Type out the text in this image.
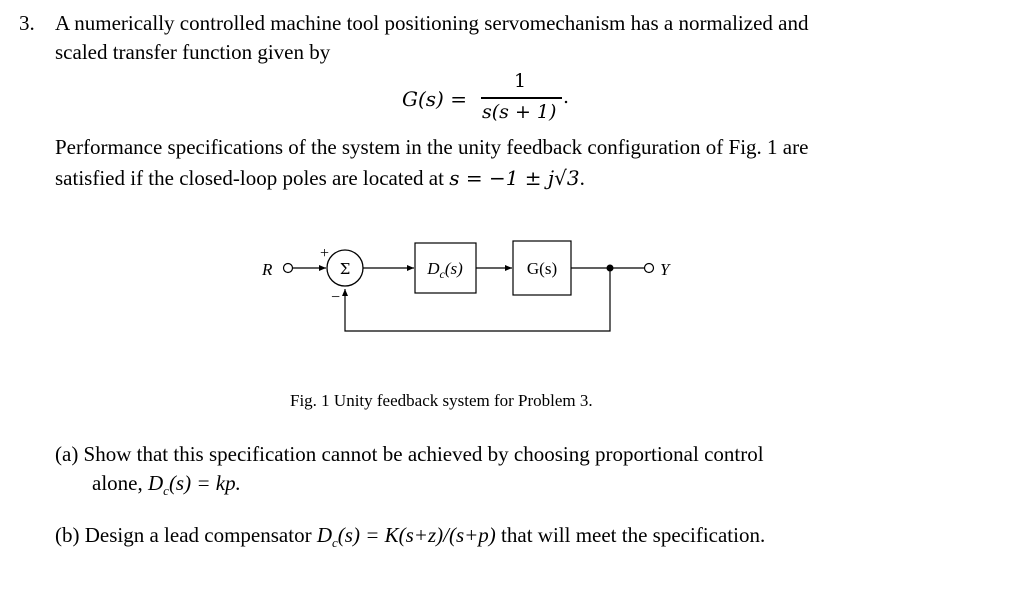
3. A numerically controlled machine tool positioning servomechanism has a normalized and
scaled transfer function given by
G(s) =
1
s(s + 1)
.
Performance specifications of the system in the unity feedback configuration of Fig. 1 are
satisfied if the closed-loop poles are located at s = −1 ± j√3.
R	Y
Σ
+
−
$D_c(s)$	G(s)
Fig. 1 Unity feedback system for Problem 3.
(a) Show that this specification cannot be achieved by choosing proportional control
alone, $D_c(s)$ = kp.
(b) Design a lead compensator $D_c(s) = K(s+z)/(s+p)$ that will meet the specification.
